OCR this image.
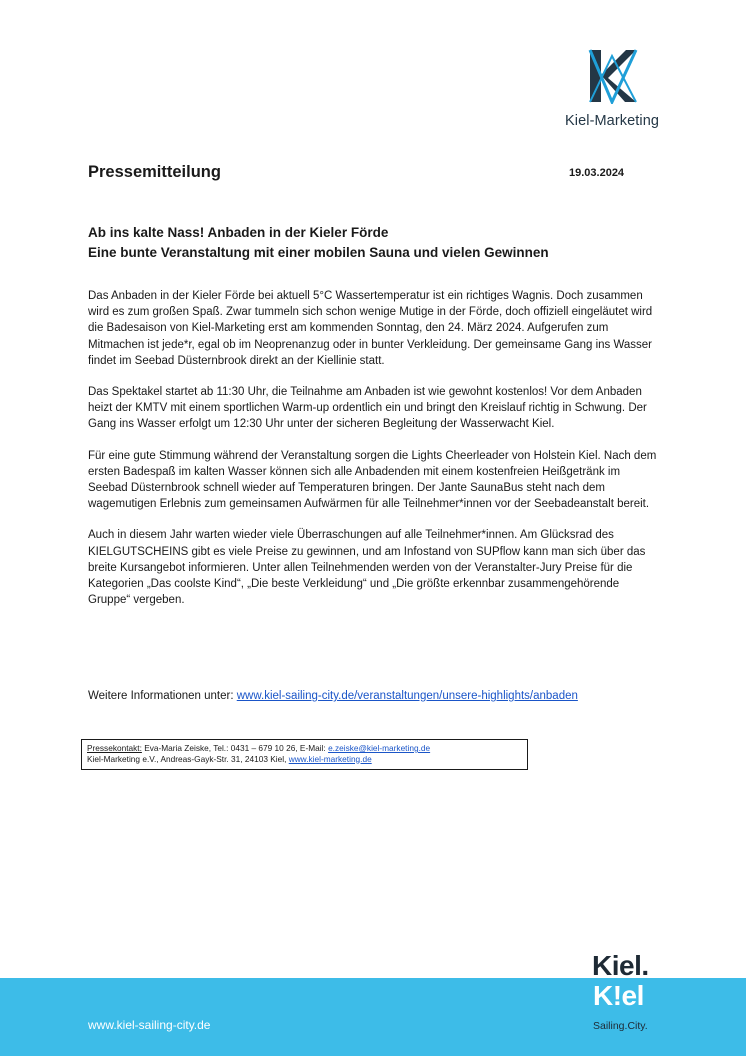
Kiel-Marketing
Pressemitteilung	19.03.2024
Ab ins kalte Nass! Anbaden in der Kieler Förde
Eine bunte Veranstaltung mit einer mobilen Sauna und vielen Gewinnen

Das Anbaden in der Kieler Förde bei aktuell 5°C Wassertemperatur ist ein richtiges Wagnis. Doch zusammen wird es zum großen Spaß. Zwar tummeln sich schon wenige Mutige in der Förde, doch offiziell eingeläutet wird die Badesaison von Kiel-Marketing erst am kommenden Sonntag, den 24. März 2024. Aufgerufen zum Mitmachen ist jede*r, egal ob im Neoprenanzug oder in bunter Verkleidung. Der gemeinsame Gang ins Wasser findet im Seebad Düsternbrook direkt an der Kiellinie statt.

Das Spektakel startet ab 11:30 Uhr, die Teilnahme am Anbaden ist wie gewohnt kostenlos! Vor dem Anbaden heizt der KMTV mit einem sportlichen Warm-up ordentlich ein und bringt den Kreislauf richtig in Schwung. Der Gang ins Wasser erfolgt um 12:30 Uhr unter der sicheren Begleitung der Wasserwacht Kiel.

Für eine gute Stimmung während der Veranstaltung sorgen die Lights Cheerleader von Holstein Kiel. Nach dem ersten Badespaß im kalten Wasser können sich alle Anbadenden mit einem kostenfreien Heißgetränk im Seebad Düsternbrook schnell wieder auf Temperaturen bringen. Der Jante SaunaBus steht nach dem wagemutigen Erlebnis zum gemeinsamen Aufwärmen für alle Teilnehmer*innen vor der Seebadeanstalt bereit.

Auch in diesem Jahr warten wieder viele Überraschungen auf alle Teilnehmer*innen. Am Glücksrad des KIELGUTSCHEINS gibt es viele Preise zu gewinnen, und am Infostand von SUPflow kann man sich über das breite Kursangebot informieren. Unter allen Teilnehmenden werden von der Veranstalter-Jury Preise für die Kategorien „Das coolste Kind“, „Die beste Verkleidung“ und „Die größte erkennbar zusammengehörende Gruppe“ vergeben.

Weitere Informationen unter: www.kiel-sailing-city.de/veranstaltungen/unsere-highlights/anbaden
Pressekontakt: Eva-Maria Zeiske, Tel.: 0431 – 679 10 26, E-Mail: e.zeiske@kiel-marketing.de
Kiel-Marketing e.V., Andreas-Gayk-Str. 31, 24103 Kiel, www.kiel-marketing.de
www.kiel-sailing-city.de
Kiel.
K!el
Sailing.City.
